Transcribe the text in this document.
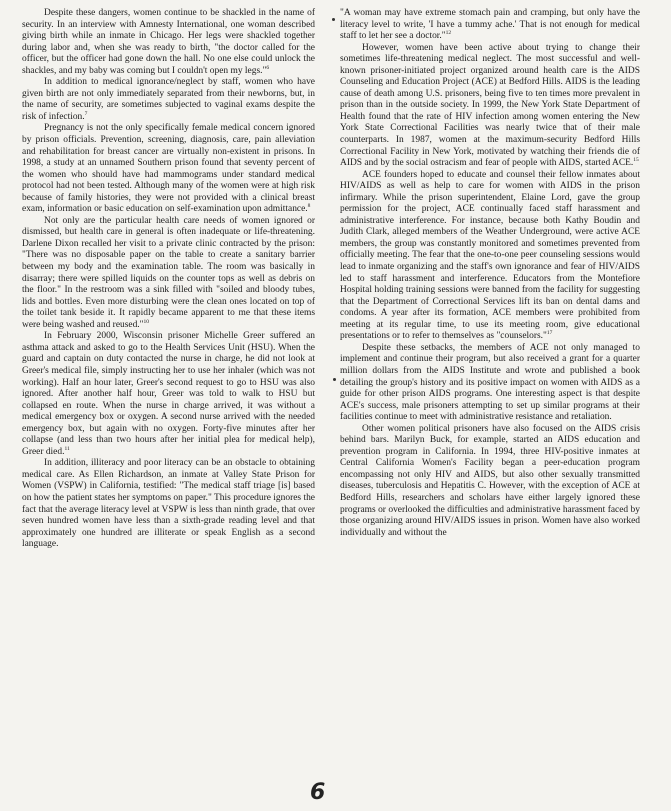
Despite these dangers, women continue to be shackled in the name of security. In an interview with Amnesty International, one woman described giving birth while an inmate in Chicago. Her legs were shackled together during labor and, when she was ready to birth, "the doctor called for the officer, but the officer had gone down the hall. No one else could unlock the shackles, and my baby was coming but I couldn't open my legs."$^6$

In addition to medical ignorance/neglect by staff, women who have given birth are not only immediately separated from their newborns, but, in the name of security, are sometimes subjected to vaginal exams despite the risk of infection.$^7$

Pregnancy is not the only specifically female medical concern ignored by prison officials. Prevention, screening, diagnosis, care, pain alleviation and rehabilitation for breast cancer are virtually non-existent in prisons. In 1998, a study at an unnamed Southern prison found that seventy percent of the women who should have had mammograms under standard medical protocol had not been tested. Although many of the women were at high risk because of family histories, they were not provided with a clinical breast exam, information or basic education on self-examination upon admittance.$^8$

Not only are the particular health care needs of women ignored or dismissed, but health care in general is often inadequate or life-threatening. Darlene Dixon recalled her visit to a private clinic contracted by the prison: "There was no disposable paper on the table to create a sanitary barrier between my body and the examination table. The room was basically in disarray; there were spilled liquids on the counter tops as well as debris on the floor." In the restroom was a sink filled with "soiled and bloody tubes, lids and bottles. Even more disturbing were the clean ones located on top of the toilet tank beside it. It rapidly became apparent to me that these items were being washed and reused."$^{10}$

In February 2000, Wisconsin prisoner Michelle Greer suffered an asthma attack and asked to go to the Health Services Unit (HSU). When the guard and captain on duty contacted the nurse in charge, he did not look at Greer's medical file, simply instructing her to use her inhaler (which was not working). Half an hour later, Greer's second request to go to HSU was also ignored. After another half hour, Greer was told to walk to HSU but collapsed en route. When the nurse in charge arrived, it was without a medical emergency box or oxygen. A second nurse arrived with the needed emergency box, but again with no oxygen. Forty-five minutes after her collapse (and less than two hours after her initial plea for medical help), Greer died.$^{11}$

In addition, illiteracy and poor literacy can be an obstacle to obtaining medical care. As Ellen Richardson, an inmate at Valley State Prison for Women (VSPW) in California, testified: "The medical staff triage [is] based on how the patient states her symptoms on paper." This procedure ignores the fact that the average literacy level at VSPW is less than ninth grade, that over seven hundred women have less than a sixth-grade reading level and that approximately one hundred are illiterate or speak English as a second language.

"A woman may have extreme stomach pain and cramping, but only have the literacy level to write, 'I have a tummy ache.' That is not enough for medical staff to let her see a doctor."$^{12}$

However, women have been active about trying to change their sometimes life-threatening medical neglect. The most successful and well-known prisoner-initiated project organized around health care is the AIDS Counseling and Education Project (ACE) at Bedford Hills. AIDS is the leading cause of death among U.S. prisoners, being five to ten times more prevalent in prison than in the outside society. In 1999, the New York State Department of Health found that the rate of HIV infection among women entering the New York State Correctional Facilities was nearly twice that of their male counterparts. In 1987, women at the maximum-security Bedford Hills Correctional Facility in New York, motivated by watching their friends die of AIDS and by the social ostracism and fear of people with AIDS, started ACE.$^{15}$

ACE founders hoped to educate and counsel their fellow inmates about HIV/AIDS as well as help to care for women with AIDS in the prison infirmary. While the prison superintendent, Elaine Lord, gave the group permission for the project, ACE continually faced staff harassment and administrative interference. For instance, because both Kathy Boudin and Judith Clark, alleged members of the Weather Underground, were active ACE members, the group was constantly monitored and sometimes prevented from officially meeting. The fear that the one-to-one peer counseling sessions would lead to inmate organizing and the staff's own ignorance and fear of HIV/AIDS led to staff harassment and interference. Educators from the Montefiore Hospital holding training sessions were banned from the facility for suggesting that the Department of Correctional Services lift its ban on dental dams and condoms. A year after its formation, ACE members were prohibited from meeting at its regular time, to use its meeting room, give educational presentations or to refer to themselves as "counselors."$^{17}$

Despite these setbacks, the members of ACE not only managed to implement and continue their program, but also received a grant for a quarter million dollars from the AIDS Institute and wrote and published a book detailing the group's history and its positive impact on women with AIDS as a guide for other prison AIDS programs. One interesting aspect is that despite ACE's success, male prisoners attempting to set up similar programs at their facilities continue to meet with administrative resistance and retaliation.

Other women political prisoners have also focused on the AIDS crisis behind bars. Marilyn Buck, for example, started an AIDS education and prevention program in California. In 1994, three HIV-positive inmates at Central California Women's Facility began a peer-education program encompassing not only HIV and AIDS, but also other sexually transmitted diseases, tuberculosis and Hepatitis C. However, with the exception of ACE at Bedford Hills, researchers and scholars have either largely ignored these programs or overlooked the difficulties and administrative harassment faced by those organizing around HIV/AIDS issues in prison. Women have also worked individually and without the

6
